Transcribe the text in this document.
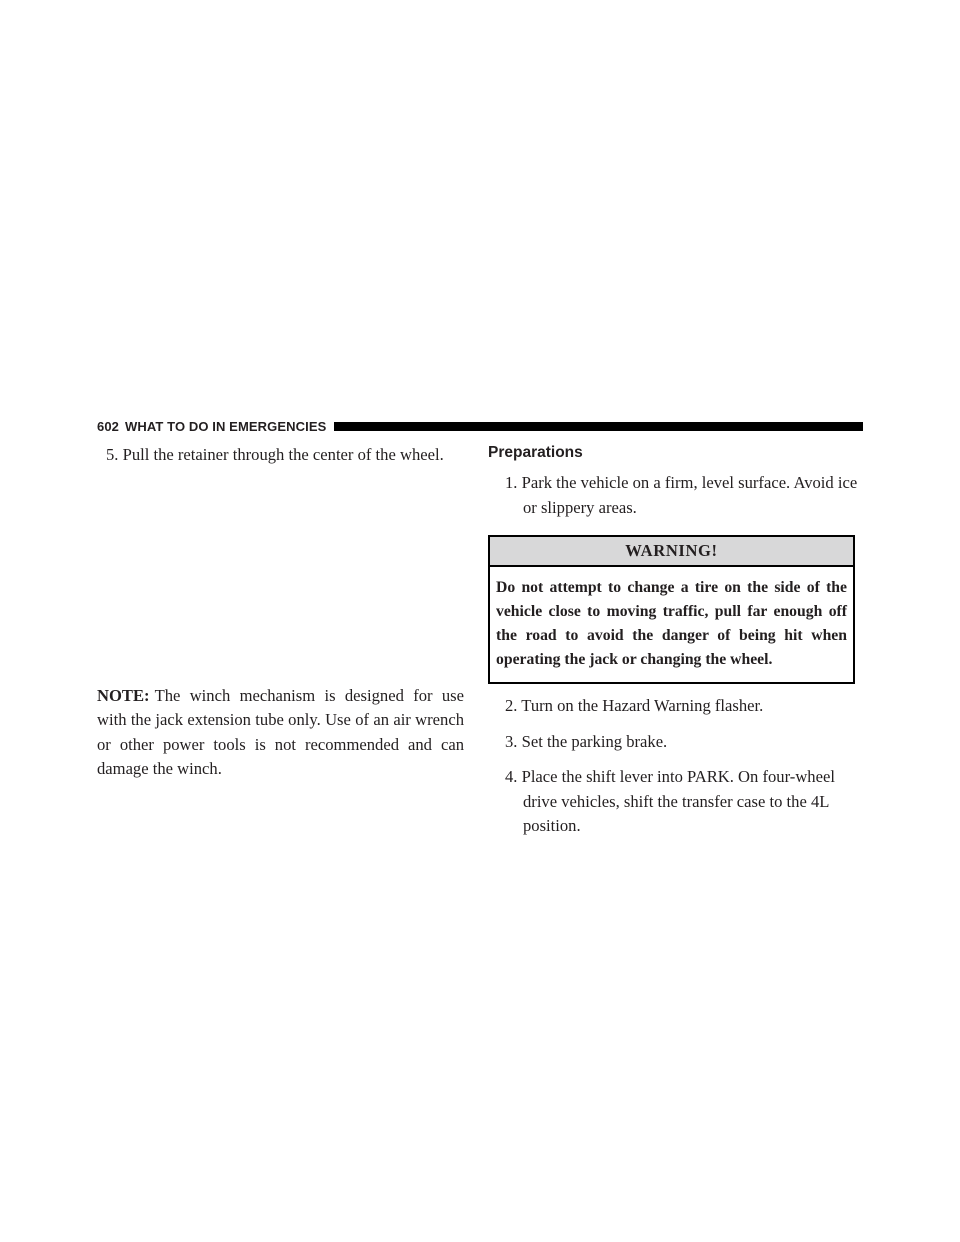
602 WHAT TO DO IN EMERGENCIES

5. Pull the retainer through the center of the wheel.

NOTE: The winch mechanism is designed for use with the jack extension tube only. Use of an air wrench or other power tools is not recommended and can damage the winch.

Preparations

1. Park the vehicle on a firm, level surface. Avoid ice or slippery areas.

WARNING!
Do not attempt to change a tire on the side of the vehicle close to moving traffic, pull far enough off the road to avoid the danger of being hit when operating the jack or changing the wheel.

2. Turn on the Hazard Warning flasher.

3. Set the parking brake.

4. Place the shift lever into PARK. On four-wheel drive vehicles, shift the transfer case to the 4L position.
